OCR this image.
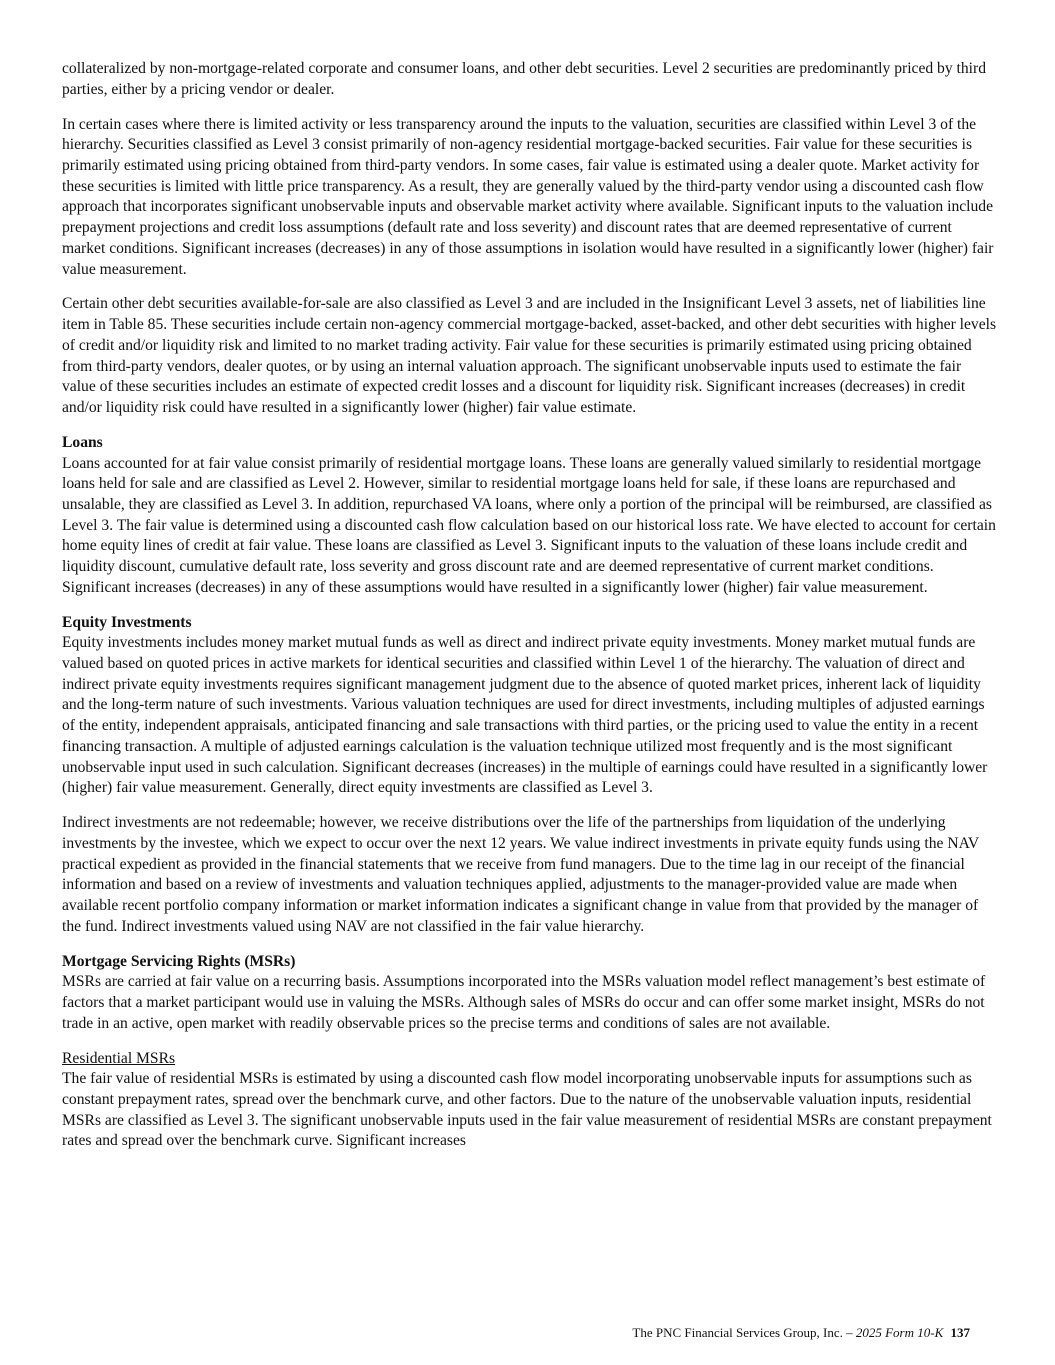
collateralized by non-mortgage-related corporate and consumer loans, and other debt securities. Level 2 securities are predominantly priced by third parties, either by a pricing vendor or dealer.

In certain cases where there is limited activity or less transparency around the inputs to the valuation, securities are classified within Level 3 of the hierarchy. Securities classified as Level 3 consist primarily of non-agency residential mortgage-backed securities. Fair value for these securities is primarily estimated using pricing obtained from third-party vendors. In some cases, fair value is estimated using a dealer quote. Market activity for these securities is limited with little price transparency. As a result, they are generally valued by the third-party vendor using a discounted cash flow approach that incorporates significant unobservable inputs and observable market activity where available. Significant inputs to the valuation include prepayment projections and credit loss assumptions (default rate and loss severity) and discount rates that are deemed representative of current market conditions. Significant increases (decreases) in any of those assumptions in isolation would have resulted in a significantly lower (higher) fair value measurement.

Certain other debt securities available-for-sale are also classified as Level 3 and are included in the Insignificant Level 3 assets, net of liabilities line item in Table 85. These securities include certain non-agency commercial mortgage-backed, asset-backed, and other debt securities with higher levels of credit and/or liquidity risk and limited to no market trading activity. Fair value for these securities is primarily estimated using pricing obtained from third-party vendors, dealer quotes, or by using an internal valuation approach. The significant unobservable inputs used to estimate the fair value of these securities includes an estimate of expected credit losses and a discount for liquidity risk. Significant increases (decreases) in credit and/or liquidity risk could have resulted in a significantly lower (higher) fair value estimate.

Loans
Loans accounted for at fair value consist primarily of residential mortgage loans. These loans are generally valued similarly to residential mortgage loans held for sale and are classified as Level 2. However, similar to residential mortgage loans held for sale, if these loans are repurchased and unsalable, they are classified as Level 3. In addition, repurchased VA loans, where only a portion of the principal will be reimbursed, are classified as Level 3. The fair value is determined using a discounted cash flow calculation based on our historical loss rate. We have elected to account for certain home equity lines of credit at fair value. These loans are classified as Level 3. Significant inputs to the valuation of these loans include credit and liquidity discount, cumulative default rate, loss severity and gross discount rate and are deemed representative of current market conditions. Significant increases (decreases) in any of these assumptions would have resulted in a significantly lower (higher) fair value measurement.
Equity Investments
Equity investments includes money market mutual funds as well as direct and indirect private equity investments. Money market mutual funds are valued based on quoted prices in active markets for identical securities and classified within Level 1 of the hierarchy. The valuation of direct and indirect private equity investments requires significant management judgment due to the absence of quoted market prices, inherent lack of liquidity and the long-term nature of such investments. Various valuation techniques are used for direct investments, including multiples of adjusted earnings of the entity, independent appraisals, anticipated financing and sale transactions with third parties, or the pricing used to value the entity in a recent financing transaction. A multiple of adjusted earnings calculation is the valuation technique utilized most frequently and is the most significant unobservable input used in such calculation. Significant decreases (increases) in the multiple of earnings could have resulted in a significantly lower (higher) fair value measurement. Generally, direct equity investments are classified as Level 3.

Indirect investments are not redeemable; however, we receive distributions over the life of the partnerships from liquidation of the underlying investments by the investee, which we expect to occur over the next 12 years. We value indirect investments in private equity funds using the NAV practical expedient as provided in the financial statements that we receive from fund managers. Due to the time lag in our receipt of the financial information and based on a review of investments and valuation techniques applied, adjustments to the manager-provided value are made when available recent portfolio company information or market information indicates a significant change in value from that provided by the manager of the fund. Indirect investments valued using NAV are not classified in the fair value hierarchy.

Mortgage Servicing Rights (MSRs)
MSRs are carried at fair value on a recurring basis. Assumptions incorporated into the MSRs valuation model reflect management’s best estimate of factors that a market participant would use in valuing the MSRs. Although sales of MSRs do occur and can offer some market insight, MSRs do not trade in an active, open market with readily observable prices so the precise terms and conditions of sales are not available.
Residential MSRs
The fair value of residential MSRs is estimated by using a discounted cash flow model incorporating unobservable inputs for assumptions such as constant prepayment rates, spread over the benchmark curve, and other factors. Due to the nature of the unobservable valuation inputs, residential MSRs are classified as Level 3. The significant unobservable inputs used in the fair value measurement of residential MSRs are constant prepayment rates and spread over the benchmark curve. Significant increases
The PNC Financial Services Group, Inc. – 2025 Form 10-K 137
